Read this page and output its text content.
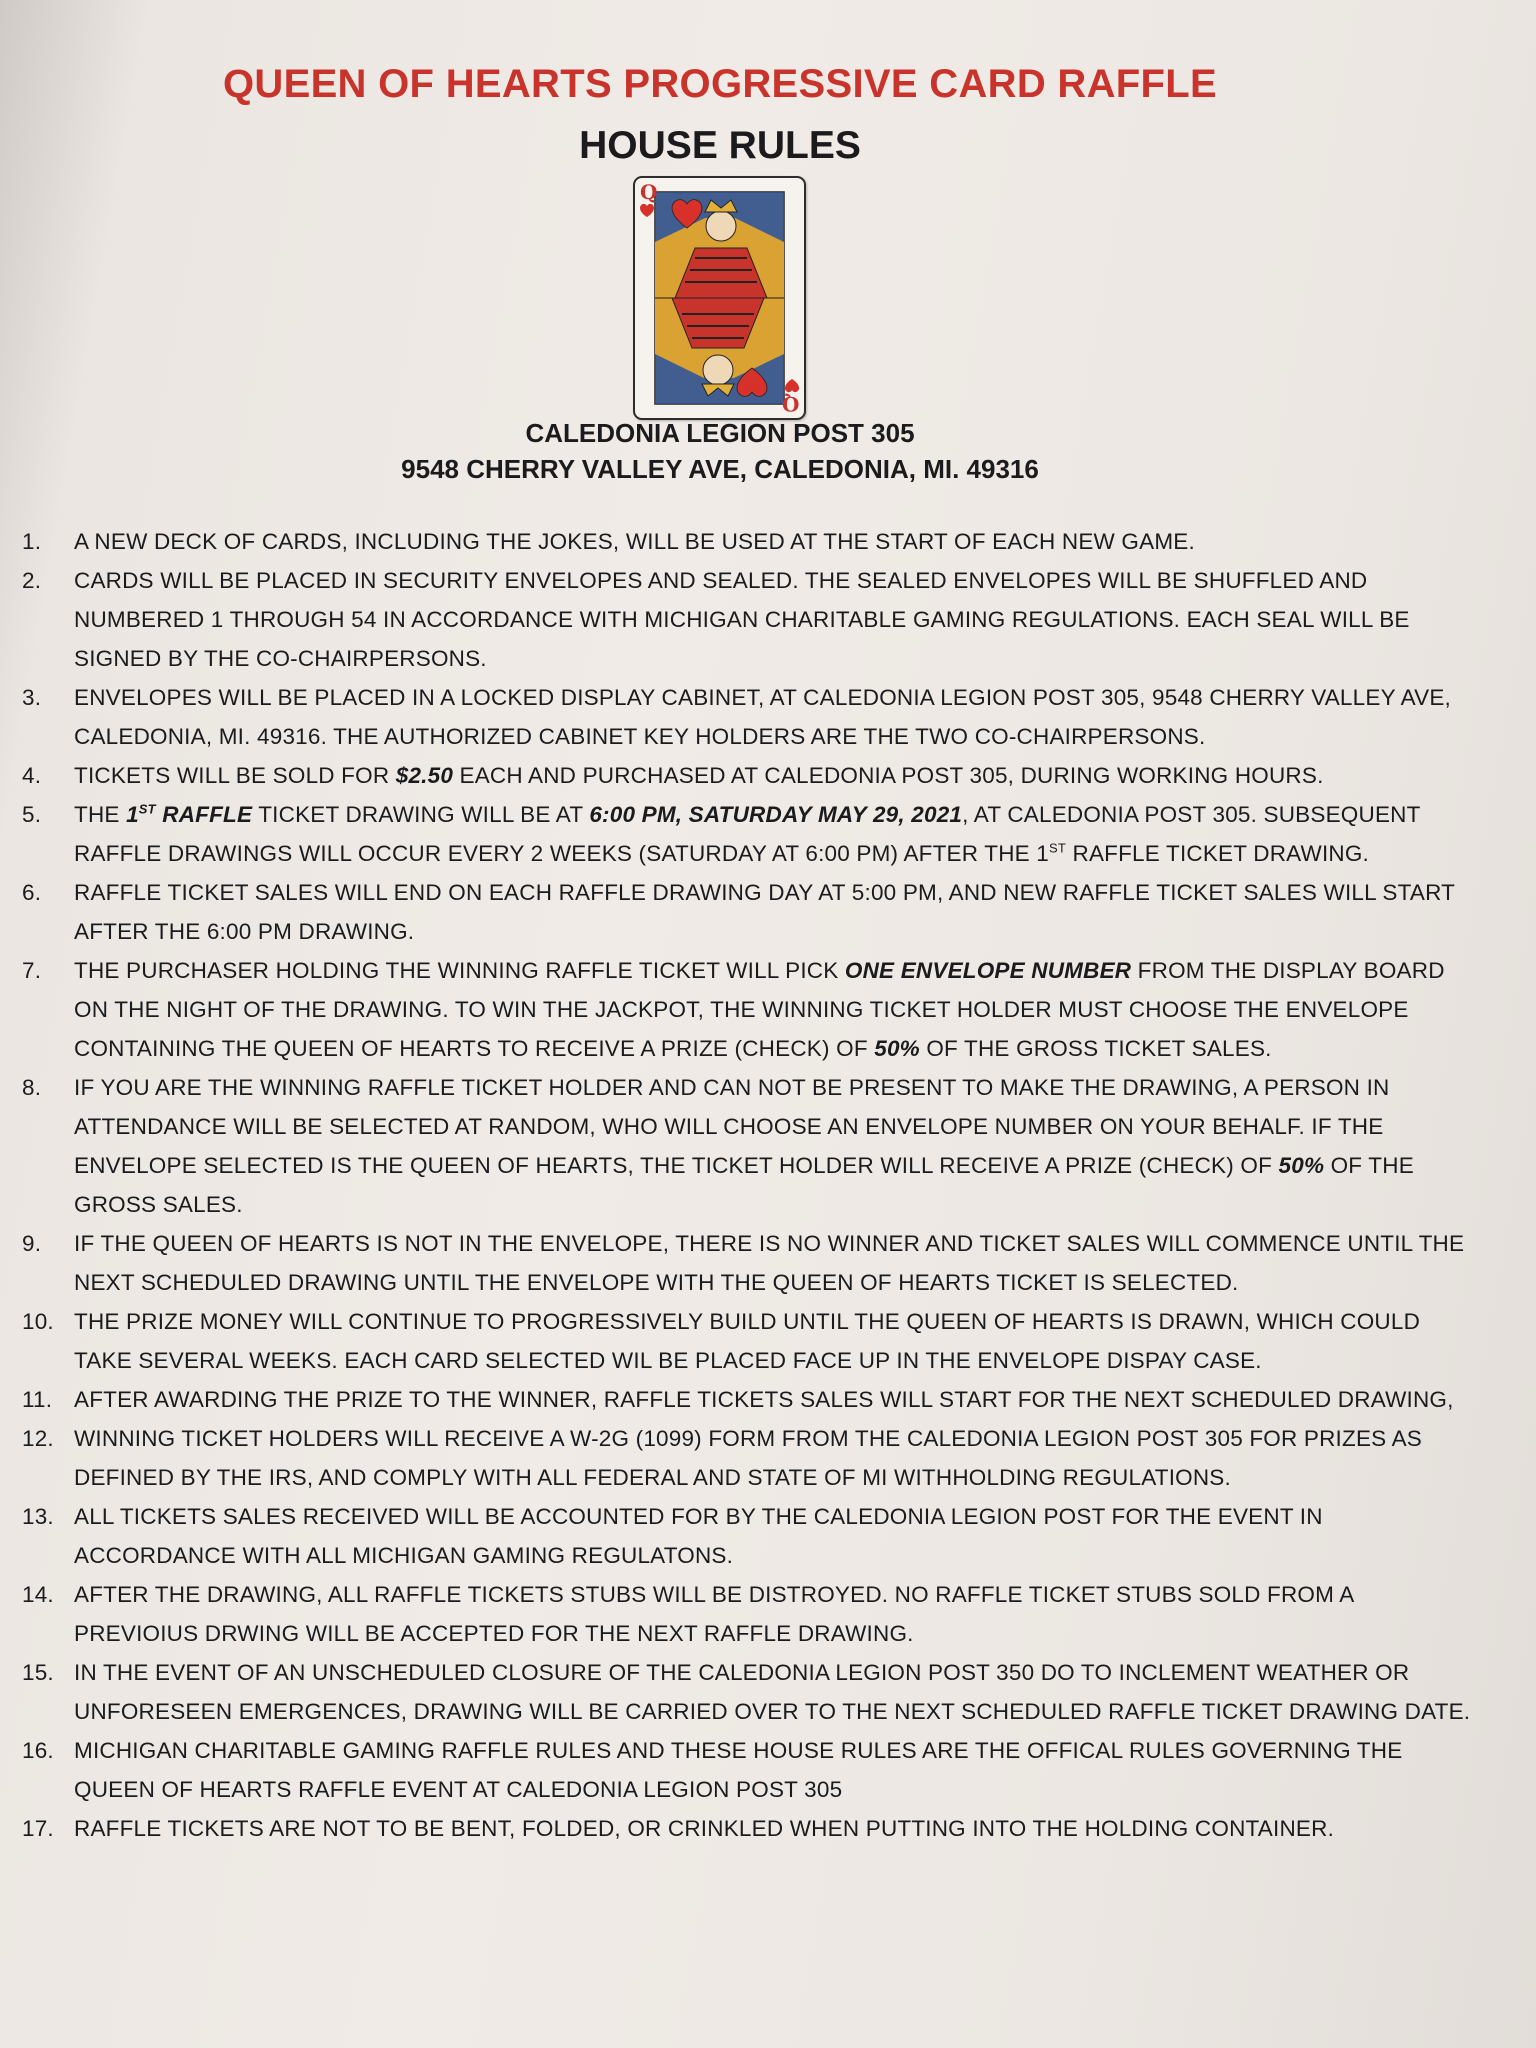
QUEEN OF HEARTS PROGRESSIVE CARD RAFFLE
HOUSE RULES
Q
Q
CALEDONIA LEGION POST 305
9548 CHERRY VALLEY AVE, CALEDONIA, MI. 49316
1. A NEW DECK OF CARDS, INCLUDING THE JOKES, WILL BE USED AT THE START OF EACH NEW GAME.
2. CARDS WILL BE PLACED IN SECURITY ENVELOPES AND SEALED. THE SEALED ENVELOPES WILL BE SHUFFLED AND NUMBERED 1 THROUGH 54 IN ACCORDANCE WITH MICHIGAN CHARITABLE GAMING REGULATIONS. EACH SEAL WILL BE SIGNED BY THE CO-CHAIRPERSONS.
3. ENVELOPES WILL BE PLACED IN A LOCKED DISPLAY CABINET, AT CALEDONIA LEGION POST 305, 9548 CHERRY VALLEY AVE, CALEDONIA, MI. 49316. THE AUTHORIZED CABINET KEY HOLDERS ARE THE TWO CO-CHAIRPERSONS.
4. TICKETS WILL BE SOLD FOR $2.50 EACH AND PURCHASED AT CALEDONIA POST 305, DURING WORKING HOURS.
5. THE 1ST RAFFLE TICKET DRAWING WILL BE AT 6:00 PM, SATURDAY MAY 29, 2021, AT CALEDONIA POST 305. SUBSEQUENT RAFFLE DRAWINGS WILL OCCUR EVERY 2 WEEKS (SATURDAY AT 6:00 PM) AFTER THE 1ST RAFFLE TICKET DRAWING.
6. RAFFLE TICKET SALES WILL END ON EACH RAFFLE DRAWING DAY AT 5:00 PM, AND NEW RAFFLE TICKET SALES WILL START AFTER THE 6:00 PM DRAWING.
7. THE PURCHASER HOLDING THE WINNING RAFFLE TICKET WILL PICK ONE ENVELOPE NUMBER FROM THE DISPLAY BOARD ON THE NIGHT OF THE DRAWING. TO WIN THE JACKPOT, THE WINNING TICKET HOLDER MUST CHOOSE THE ENVELOPE CONTAINING THE QUEEN OF HEARTS TO RECEIVE A PRIZE (CHECK) OF 50% OF THE GROSS TICKET SALES.
8. IF YOU ARE THE WINNING RAFFLE TICKET HOLDER AND CAN NOT BE PRESENT TO MAKE THE DRAWING, A PERSON IN ATTENDANCE WILL BE SELECTED AT RANDOM, WHO WILL CHOOSE AN ENVELOPE NUMBER ON YOUR BEHALF. IF THE ENVELOPE SELECTED IS THE QUEEN OF HEARTS, THE TICKET HOLDER WILL RECEIVE A PRIZE (CHECK) OF 50% OF THE GROSS SALES.
9. IF THE QUEEN OF HEARTS IS NOT IN THE ENVELOPE, THERE IS NO WINNER AND TICKET SALES WILL COMMENCE UNTIL THE NEXT SCHEDULED DRAWING UNTIL THE ENVELOPE WITH THE QUEEN OF HEARTS TICKET IS SELECTED.
10. THE PRIZE MONEY WILL CONTINUE TO PROGRESSIVELY BUILD UNTIL THE QUEEN OF HEARTS IS DRAWN, WHICH COULD TAKE SEVERAL WEEKS. EACH CARD SELECTED WIL BE PLACED FACE UP IN THE ENVELOPE DISPAY CASE.
11. AFTER AWARDING THE PRIZE TO THE WINNER, RAFFLE TICKETS SALES WILL START FOR THE NEXT SCHEDULED DRAWING,
12. WINNING TICKET HOLDERS WILL RECEIVE A W-2G (1099) FORM FROM THE CALEDONIA LEGION POST 305 FOR PRIZES AS DEFINED BY THE IRS, AND COMPLY WITH ALL FEDERAL AND STATE OF MI WITHHOLDING REGULATIONS.
13. ALL TICKETS SALES RECEIVED WILL BE ACCOUNTED FOR BY THE CALEDONIA LEGION POST FOR THE EVENT IN ACCORDANCE WITH ALL MICHIGAN GAMING REGULATONS.
14. AFTER THE DRAWING, ALL RAFFLE TICKETS STUBS WILL BE DISTROYED. NO RAFFLE TICKET STUBS SOLD FROM A PREVIOIUS DRWING WILL BE ACCEPTED FOR THE NEXT RAFFLE DRAWING.
15. IN THE EVENT OF AN UNSCHEDULED CLOSURE OF THE CALEDONIA LEGION POST 350 DO TO INCLEMENT WEATHER OR UNFORESEEN EMERGENCES, DRAWING WILL BE CARRIED OVER TO THE NEXT SCHEDULED RAFFLE TICKET DRAWING DATE.
16. MICHIGAN CHARITABLE GAMING RAFFLE RULES AND THESE HOUSE RULES ARE THE OFFICAL RULES GOVERNING THE QUEEN OF HEARTS RAFFLE EVENT AT CALEDONIA LEGION POST 305
17. RAFFLE TICKETS ARE NOT TO BE BENT, FOLDED, OR CRINKLED WHEN PUTTING INTO THE HOLDING CONTAINER.
